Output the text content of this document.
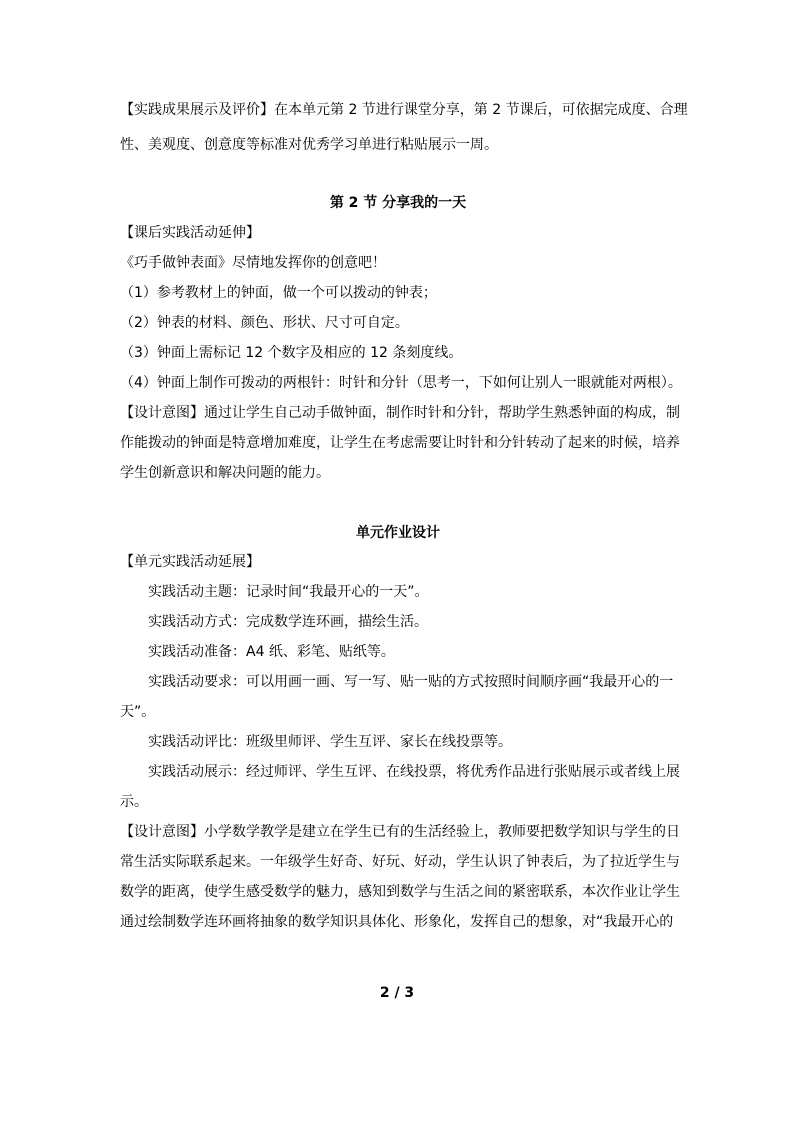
【实践成果展示及评价】在本单元第 2 节进行课堂分享，第 2 节课后，可依据完成度、合理

性、美观度、创意度等标准对优秀学习单进行粘贴展示一周。

第 2 节 分享我的一天

【课后实践活动延伸】

《巧手做钟表面》尽情地发挥你的创意吧！

（1）参考教材上的钟面，做一个可以拨动的钟表；

（2）钟表的材料、颜色、形状、尺寸可自定。

（3）钟面上需标记 12 个数字及相应的 12 条刻度线。

（4）钟面上制作可拨动的两根针：时针和分针（思考一，下如何让别人一眼就能对两根）。

【设计意图】通过让学生自己动手做钟面，制作时针和分针，帮助学生熟悉钟面的构成，制

作能拨动的钟面是特意增加难度，让学生在考虑需要让时针和分针转动了起来的时候，培养

学生创新意识和解决问题的能力。

单元作业设计

【单元实践活动延展】

实践活动主题：记录时间“我最开心的一天”。

实践活动方式：完成数学连环画，描绘生活。

实践活动准备：A4 纸、彩笔、贴纸等。

实践活动要求：可以用画一画、写一写、贴一贴的方式按照时间顺序画“我最开心的一

天”。

实践活动评比：班级里师评、学生互评、家长在线投票等。

实践活动展示：经过师评、学生互评、在线投票，将优秀作品进行张贴展示或者线上展

示。

【设计意图】小学数学教学是建立在学生已有的生活经验上，教师要把数学知识与学生的日

常生活实际联系起来。一年级学生好奇、好玩、好动，学生认识了钟表后，为了拉近学生与

数学的距离，使学生感受数学的魅力，感知到数学与生活之间的紧密联系，本次作业让学生

通过绘制数学连环画将抽象的数学知识具体化、形象化，发挥自己的想象，对“我最开心的

2 / 3
